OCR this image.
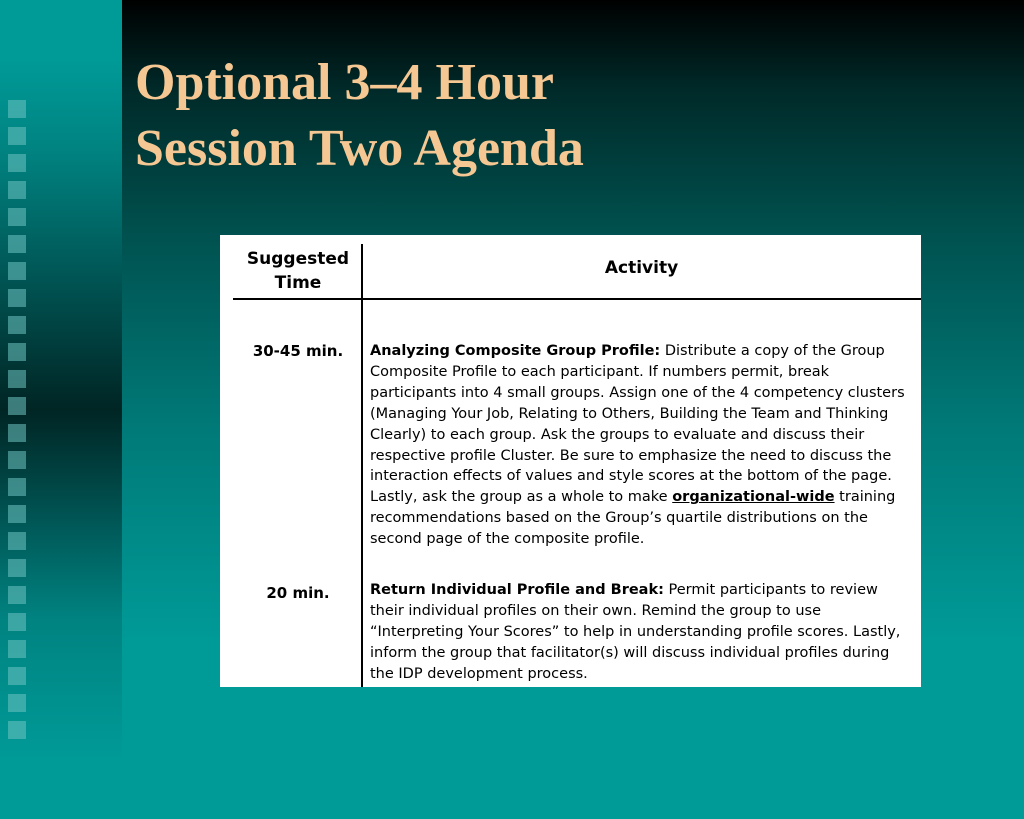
Optional 3–4 Hour
Session Two Agenda
Suggested
Time
Activity
30-45 min.	Analyzing Composite Group Profile: Distribute a copy of the Group Composite Profile to each participant. If numbers permit, break participants into 4 small groups. Assign one of the 4 competency clusters (Managing Your Job, Relating to Others, Building the Team and Thinking Clearly) to each group. Ask the groups to evaluate and discuss their respective profile Cluster. Be sure to emphasize the need to discuss the interaction effects of values and style scores at the bottom of the page. Lastly, ask the group as a whole to make organizational-wide training recommendations based on the Group’s quartile distributions on the second page of the composite profile.
20 min.	Return Individual Profile and Break: Permit participants to review their individual profiles on their own. Remind the group to use “Interpreting Your Scores” to help in understanding profile scores. Lastly, inform the group that facilitator(s) will discuss individual profiles during the IDP development process.
